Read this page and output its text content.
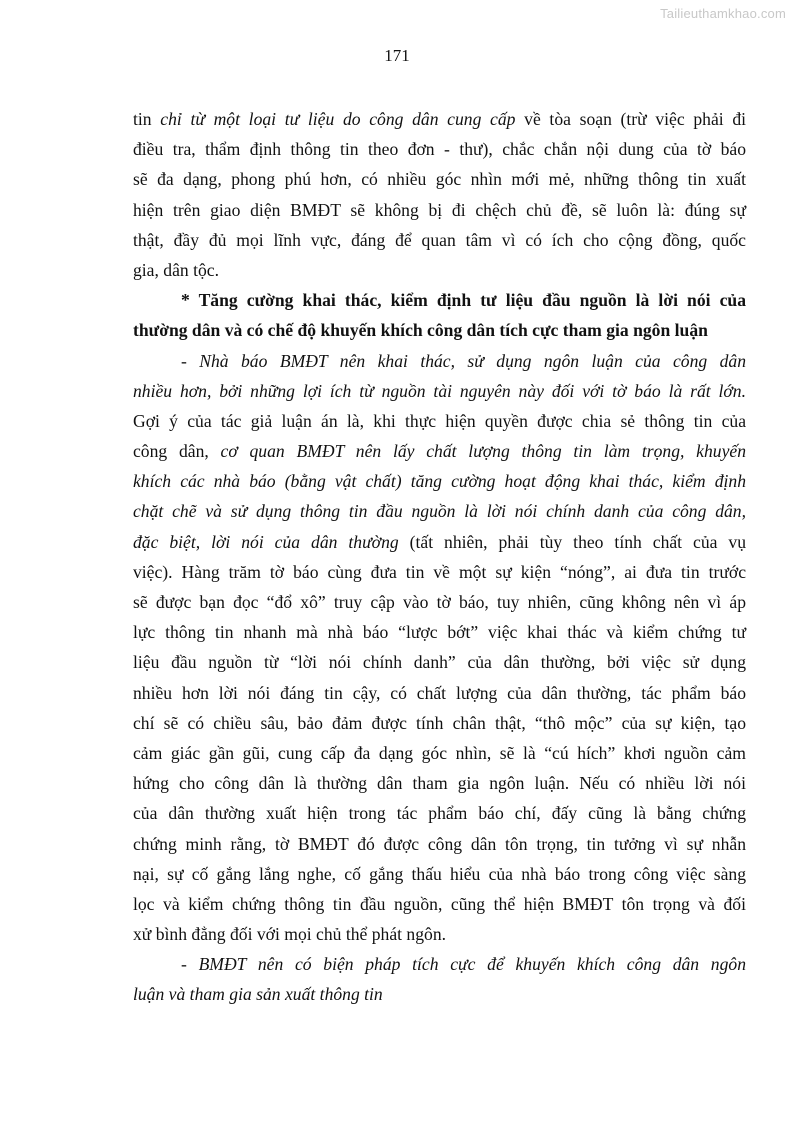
Tailieuthamkhao.com
171
tin chỉ từ một loại tư liệu do công dân cung cấp về tòa soạn (trừ việc phải đi
điều tra, thẩm định thông tin theo đơn - thư), chắc chắn nội dung của tờ báo
sẽ đa dạng, phong phú hơn, có nhiều góc nhìn mới mẻ, những thông tin xuất
hiện trên giao diện BMĐT sẽ không bị đi chệch chủ đề, sẽ luôn là: đúng sự
thật, đầy đủ mọi lĩnh vực, đáng để quan tâm vì có ích cho cộng đồng, quốc
gia, dân tộc.
* Tăng cường khai thác, kiểm định tư liệu đầu nguồn là lời nói của
thường dân và có chế độ khuyến khích công dân tích cực tham gia ngôn luận
- Nhà báo BMĐT nên khai thác, sử dụng ngôn luận của công dân
nhiều hơn, bởi những lợi ích từ nguồn tài nguyên này đối với tờ báo là rất lớn.
Gợi ý của tác giả luận án là, khi thực hiện quyền được chia sẻ thông tin của
công dân, cơ quan BMĐT nên lấy chất lượng thông tin làm trọng, khuyến
khích các nhà báo (bằng vật chất) tăng cường hoạt động khai thác, kiểm định
chặt chẽ và sử dụng thông tin đầu nguồn là lời nói chính danh của công dân,
đặc biệt, lời nói của dân thường (tất nhiên, phải tùy theo tính chất của vụ
việc). Hàng trăm tờ báo cùng đưa tin về một sự kiện “nóng”, ai đưa tin trước
sẽ được bạn đọc “đổ xô” truy cập vào tờ báo, tuy nhiên, cũng không nên vì áp
lực thông tin nhanh mà nhà báo “lược bớt” việc khai thác và kiểm chứng tư
liệu đầu nguồn từ “lời nói chính danh” của dân thường, bởi việc sử dụng
nhiều hơn lời nói đáng tin cậy, có chất lượng của dân thường, tác phẩm báo
chí sẽ có chiều sâu, bảo đảm được tính chân thật, “thô mộc” của sự kiện, tạo
cảm giác gần gũi, cung cấp đa dạng góc nhìn, sẽ là “cú hích” khơi nguồn cảm
hứng cho công dân là thường dân tham gia ngôn luận. Nếu có nhiều lời nói
của dân thường xuất hiện trong tác phẩm báo chí, đấy cũng là bằng chứng
chứng minh rằng, tờ BMĐT đó được công dân tôn trọng, tin tưởng vì sự nhẫn
nại, sự cố gắng lắng nghe, cố gắng thấu hiểu của nhà báo trong công việc sàng
lọc và kiểm chứng thông tin đầu nguồn, cũng thể hiện BMĐT tôn trọng và đối
xử bình đẳng đối với mọi chủ thể phát ngôn.
- BMĐT nên có biện pháp tích cực để khuyến khích công dân ngôn
luận và tham gia sản xuất thông tin
